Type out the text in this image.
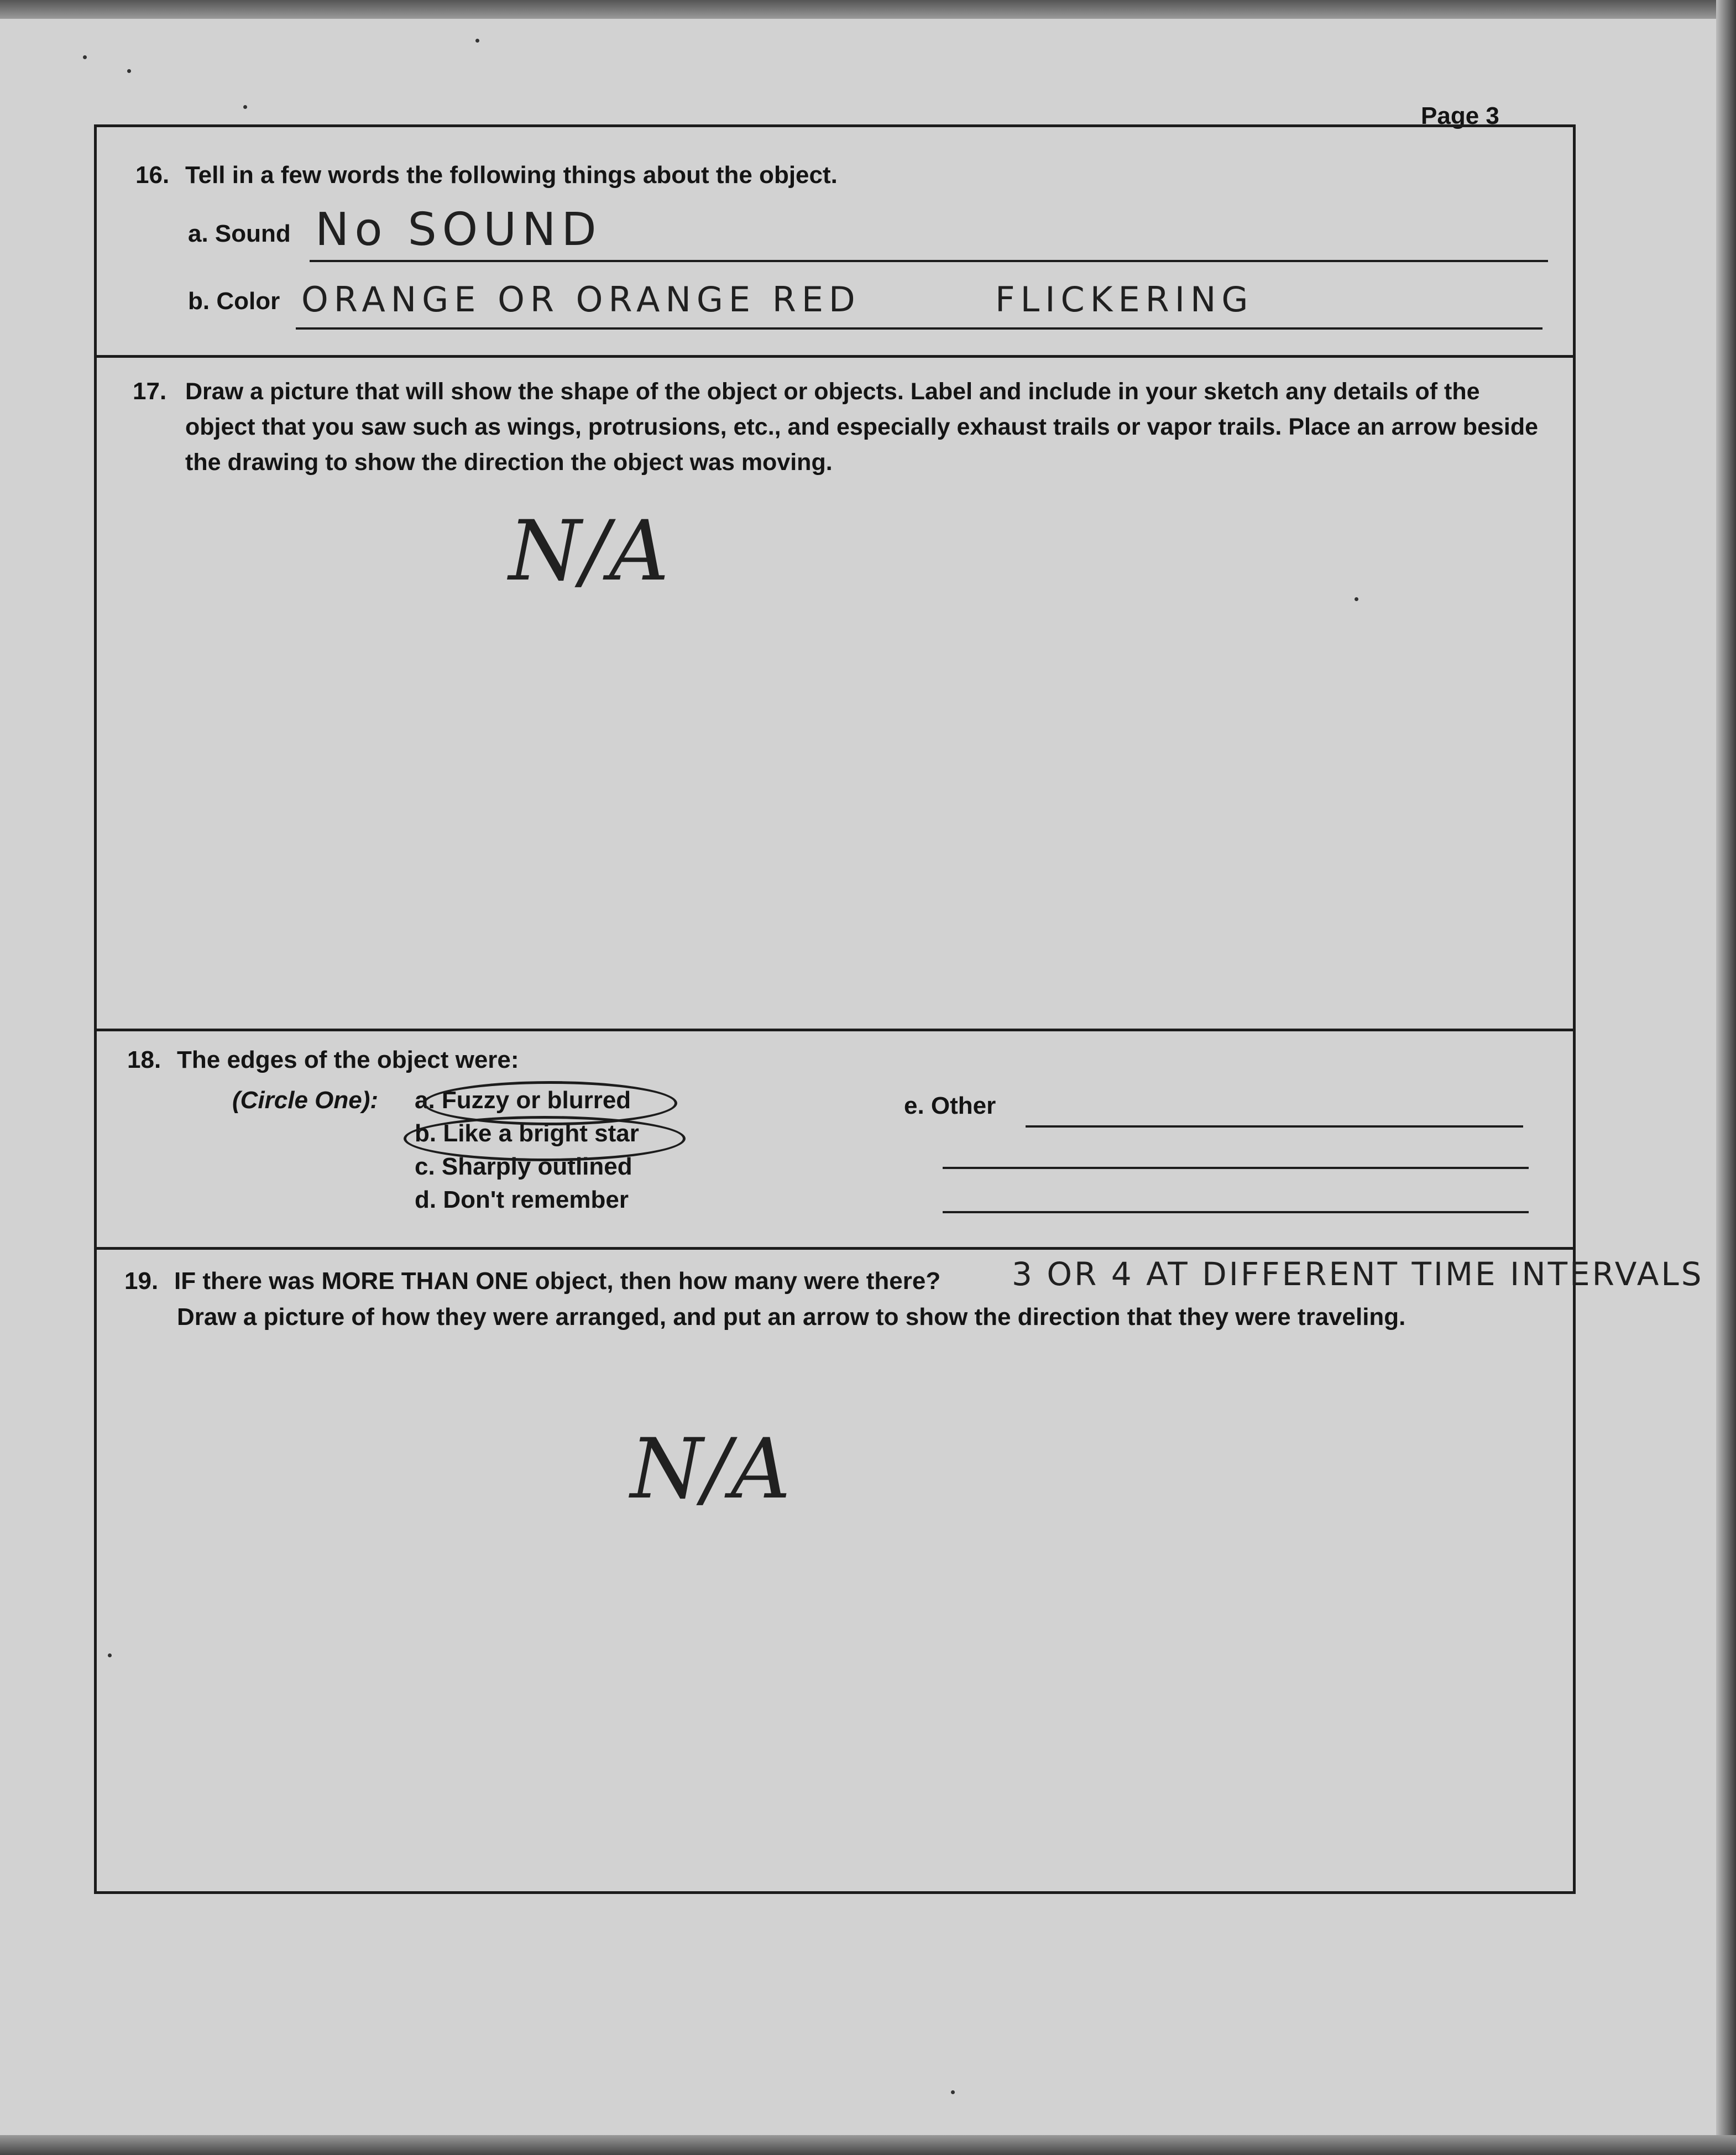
Page 3
16. Tell in a few words the following things about the object.
a. Sound No SOUND
b. Color ORANGE OR ORANGE RED	FLICKERING
17. Draw a picture that will show the shape of the object or objects. Label and include in your sketch any details of the object that you saw such as wings, protrusions, etc., and especially exhaust trails or vapor trails. Place an arrow beside the drawing to show the direction the object was moving.
N/A
18. The edges of the object were:
(Circle One): a. Fuzzy or blurred
b. Like a bright star
c. Sharply outlined
d. Don't remember
e. Other
19. IF there was MORE THAN ONE object, then how many were there? 3 OR 4 AT DIFFERENT TIME INTERVALS
Draw a picture of how they were arranged, and put an arrow to show the direction that they were traveling.
N/A
